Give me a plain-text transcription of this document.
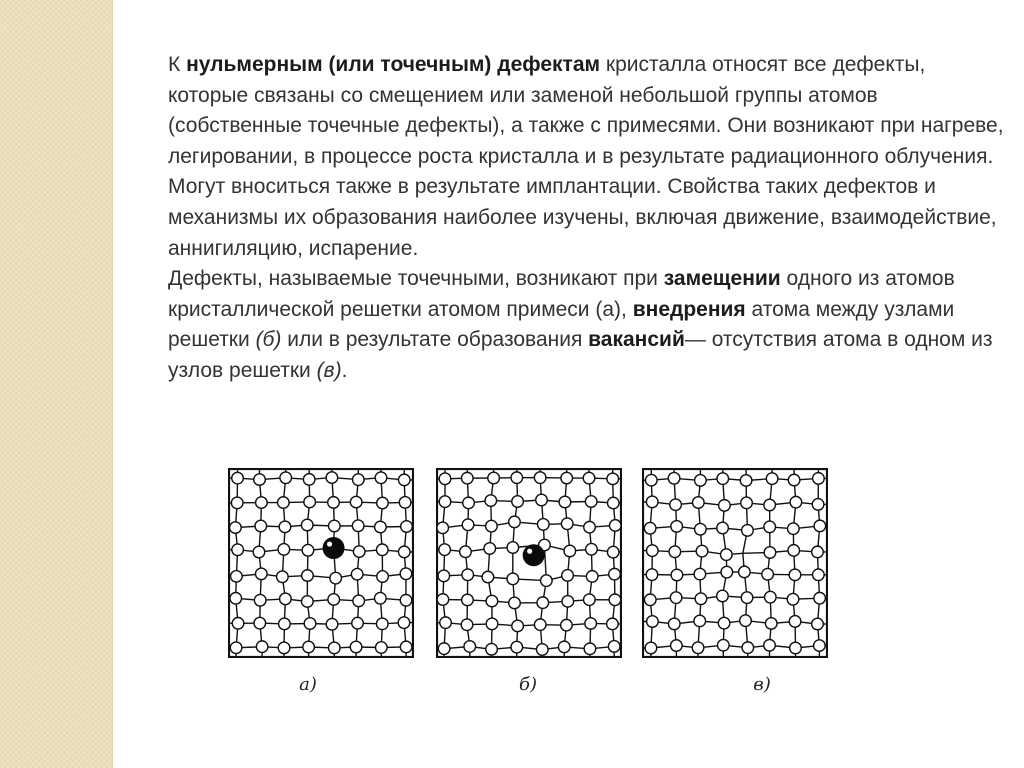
К нульмерным (или точечным) дефектам кристалла относят все дефекты, которые связаны со смещением или заменой небольшой группы атомов (собственные точечные дефекты), а также с примесями. Они возникают при нагреве, легировании, в процессе роста кристалла и в результате радиационного облучения. Могут вноситься также в результате имплантации. Свойства таких дефектов и механизмы их образования наиболее изучены, включая движение, взаимодействие, аннигиляцию, испарение.

Дефекты, называемые точечными, возникают при замещении одного из атомов кристаллической решетки атомом примеси (а), внедрения атома между узлами решетки (б) или в результате образования вакансий— отсутствия атома в одном из узлов решетки (в).

а)	б)	в)
